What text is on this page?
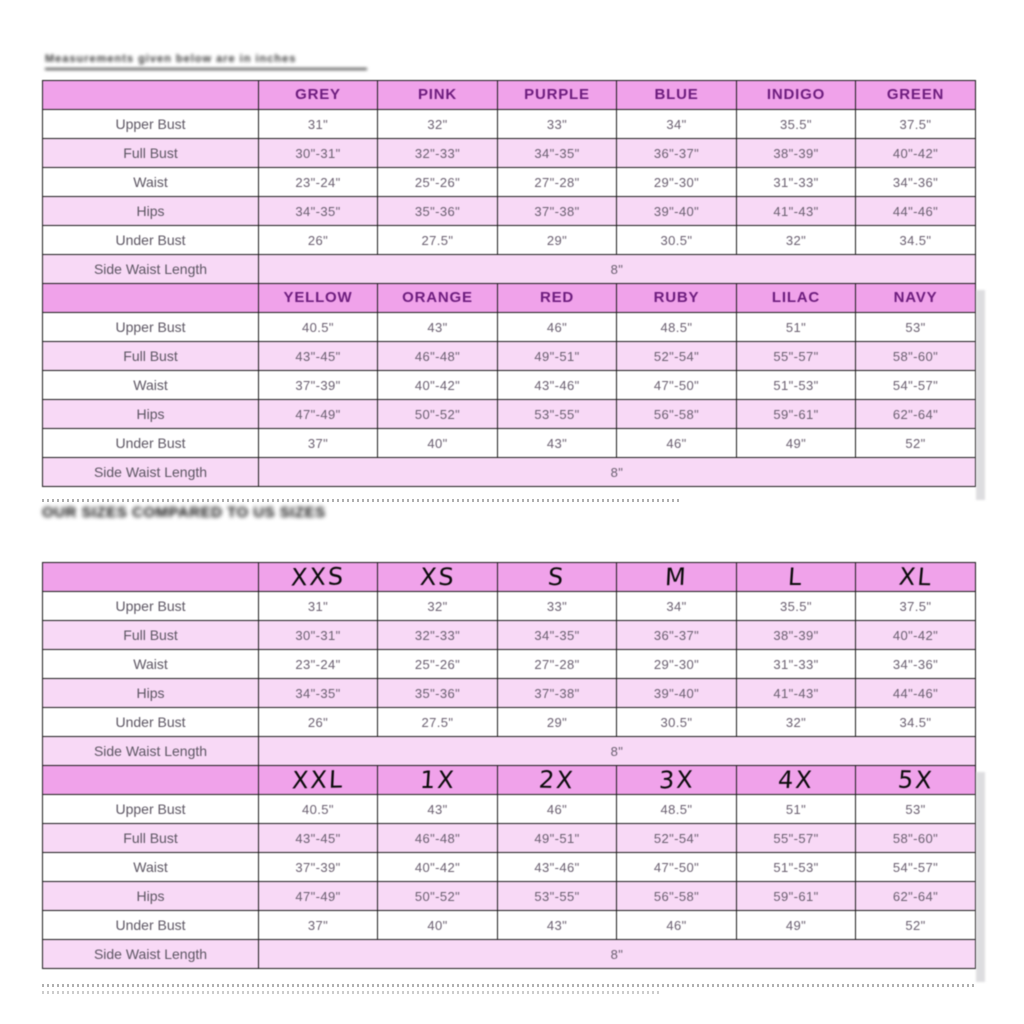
Measurements given below are in inches
	GREY	PINK	PURPLE	BLUE	INDIGO	GREEN
Upper Bust	31"	32"	33"	34"	35.5"	37.5"
Full Bust	30"-31"	32"-33"	34"-35"	36"-37"	38"-39"	40"-42"
Waist	23"-24"	25"-26"	27"-28"	29"-30"	31"-33"	34"-36"
Hips	34"-35"	35"-36"	37"-38"	39"-40"	41"-43"	44"-46"
Under Bust	26"	27.5"	29"	30.5"	32"	34.5"
Side Waist Length	8"					
	YELLOW	ORANGE	RED	RUBY	LILAC	NAVY
Upper Bust	40.5"	43"	46"	48.5"	51"	53"
Full Bust	43"-45"	46"-48"	49"-51"	52"-54"	55"-57"	58"-60"
Waist	37"-39"	40"-42"	43"-46"	47"-50"	51"-53"	54"-57"
Hips	47"-49"	50"-52"	53"-55"	56"-58"	59"-61"	62"-64"
Under Bust	37"	40"	43"	46"	49"	52"
Side Waist Length	8"					
OUR SIZES COMPARED TO US SIZES
	XXS	XS	S	M	L	XL
Upper Bust	31"	32"	33"	34"	35.5"	37.5"
Full Bust	30"-31"	32"-33"	34"-35"	36"-37"	38"-39"	40"-42"
Waist	23"-24"	25"-26"	27"-28"	29"-30"	31"-33"	34"-36"
Hips	34"-35"	35"-36"	37"-38"	39"-40"	41"-43"	44"-46"
Under Bust	26"	27.5"	29"	30.5"	32"	34.5"
Side Waist Length	8"					
	XXL	1X	2X	3X	4X	5X
Upper Bust	40.5"	43"	46"	48.5"	51"	53"
Full Bust	43"-45"	46"-48"	49"-51"	52"-54"	55"-57"	58"-60"
Waist	37"-39"	40"-42"	43"-46"	47"-50"	51"-53"	54"-57"
Hips	47"-49"	50"-52"	53"-55"	56"-58"	59"-61"	62"-64"
Under Bust	37"	40"	43"	46"	49"	52"
Side Waist Length	8"					
